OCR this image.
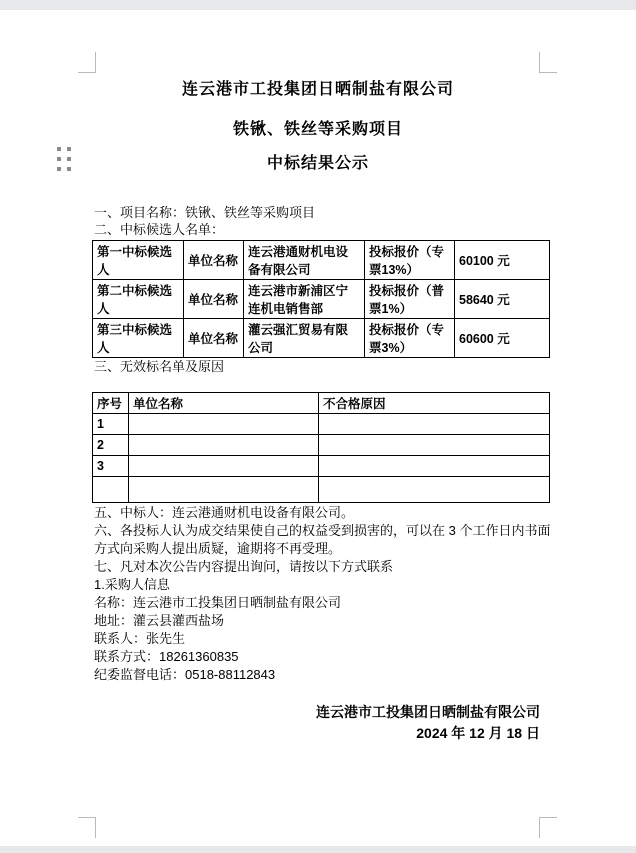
连云港市工投集团日晒制盐有限公司
铁锹、铁丝等采购项目
中标结果公示
一、项目名称：铁锹、铁丝等采购项目
二、中标候选人名单：
第一中标候选人	单位名称	连云港通财机电设备有限公司	投标报价（专票13%）	60100 元
第二中标候选人	单位名称	连云港市新浦区宁连机电销售部	投标报价（普票1%）	58640 元
第三中标候选人	单位名称	灌云强汇贸易有限公司	投标报价（专票3%）	60600 元
三、无效标名单及原因
序号	单位名称	不合格原因
1		
2		
3		

五、中标人：连云港通财机电设备有限公司。

六、各投标人认为成交结果使自己的权益受到损害的，可以在 3 个工作日内书面方式向采购人提出质疑，逾期将不再受理。

七、凡对本次公告内容提出询问，请按以下方式联系

1.采购人信息

名称：连云港市工投集团日晒制盐有限公司

地址：灌云县灌西盐场

联系人：张先生

联系方式：18261360835

纪委监督电话：0518-88112843

连云港市工投集团日晒制盐有限公司
2024 年 12 月 18 日
